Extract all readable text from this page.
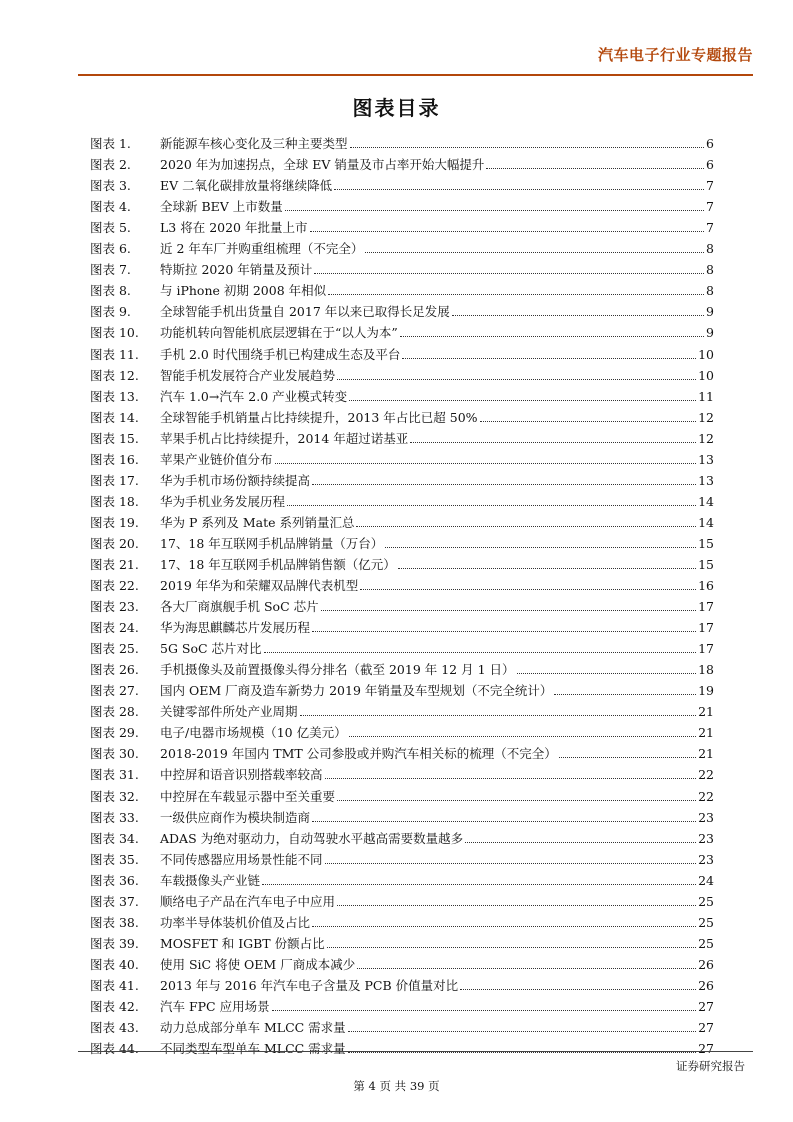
汽车电子行业专题报告
图表目录
图表 1.	新能源车核心变化及三种主要类型	6
图表 2.	2020 年为加速拐点，全球 EV 销量及市占率开始大幅提升	6
图表 3.	EV 二氧化碳排放量将继续降低	7
图表 4.	全球新 BEV 上市数量	7
图表 5.	L3 将在 2020 年批量上市	7
图表 6.	近 2 年车厂并购重组梳理（不完全）	8
图表 7.	特斯拉 2020 年销量及预计	8
图表 8.	与 iPhone 初期 2008 年相似	8
图表 9.	全球智能手机出货量自 2017 年以来已取得长足发展	9
图表 10.	功能机转向智能机底层逻辑在于“以人为本”	9
图表 11.	手机 2.0 时代围绕手机已构建成生态及平台	10
图表 12.	智能手机发展符合产业发展趋势	10
图表 13.	汽车 1.0→汽车 2.0 产业模式转变	11
图表 14.	全球智能手机销量占比持续提升，2013 年占比已超 50%	12
图表 15.	苹果手机占比持续提升，2014 年超过诺基亚	12
图表 16.	苹果产业链价值分布	13
图表 17.	华为手机市场份额持续提高	13
图表 18.	华为手机业务发展历程	14
图表 19.	华为 P 系列及 Mate 系列销量汇总	14
图表 20.	17、18 年互联网手机品牌销量（万台）	15
图表 21.	17、18 年互联网手机品牌销售额（亿元）	15
图表 22.	2019 年华为和荣耀双品牌代表机型	16
图表 23.	各大厂商旗舰手机 SoC 芯片	17
图表 24.	华为海思麒麟芯片发展历程	17
图表 25.	5G SoC 芯片对比	17
图表 26.	手机摄像头及前置摄像头得分排名（截至 2019 年 12 月 1 日）	18
图表 27.	国内 OEM 厂商及造车新势力 2019 年销量及车型规划（不完全统计）	19
图表 28.	关键零部件所处产业周期	21
图表 29.	电子/电器市场规模（10 亿美元）	21
图表 30.	2018-2019 年国内 TMT 公司参股或并购汽车相关标的梳理（不完全）	21
图表 31.	中控屏和语音识别搭载率较高	22
图表 32.	中控屏在车载显示器中至关重要	22
图表 33.	一级供应商作为模块制造商	23
图表 34.	ADAS 为绝对驱动力，自动驾驶水平越高需要数量越多	23
图表 35.	不同传感器应用场景性能不同	23
图表 36.	车载摄像头产业链	24
图表 37.	顺络电子产品在汽车电子中应用	25
图表 38.	功率半导体装机价值及占比	25
图表 39.	MOSFET 和 IGBT 份额占比	25
图表 40.	使用 SiC 将使 OEM 厂商成本减少	26
图表 41.	2013 年与 2016 年汽车电子含量及 PCB 价值量对比	26
图表 42.	汽车 FPC 应用场景	27
图表 43.	动力总成部分单车 MLCC 需求量	27
图表 44.	不同类型车型单车 MLCC 需求量	27
证券研究报告
第 4 页 共 39 页
